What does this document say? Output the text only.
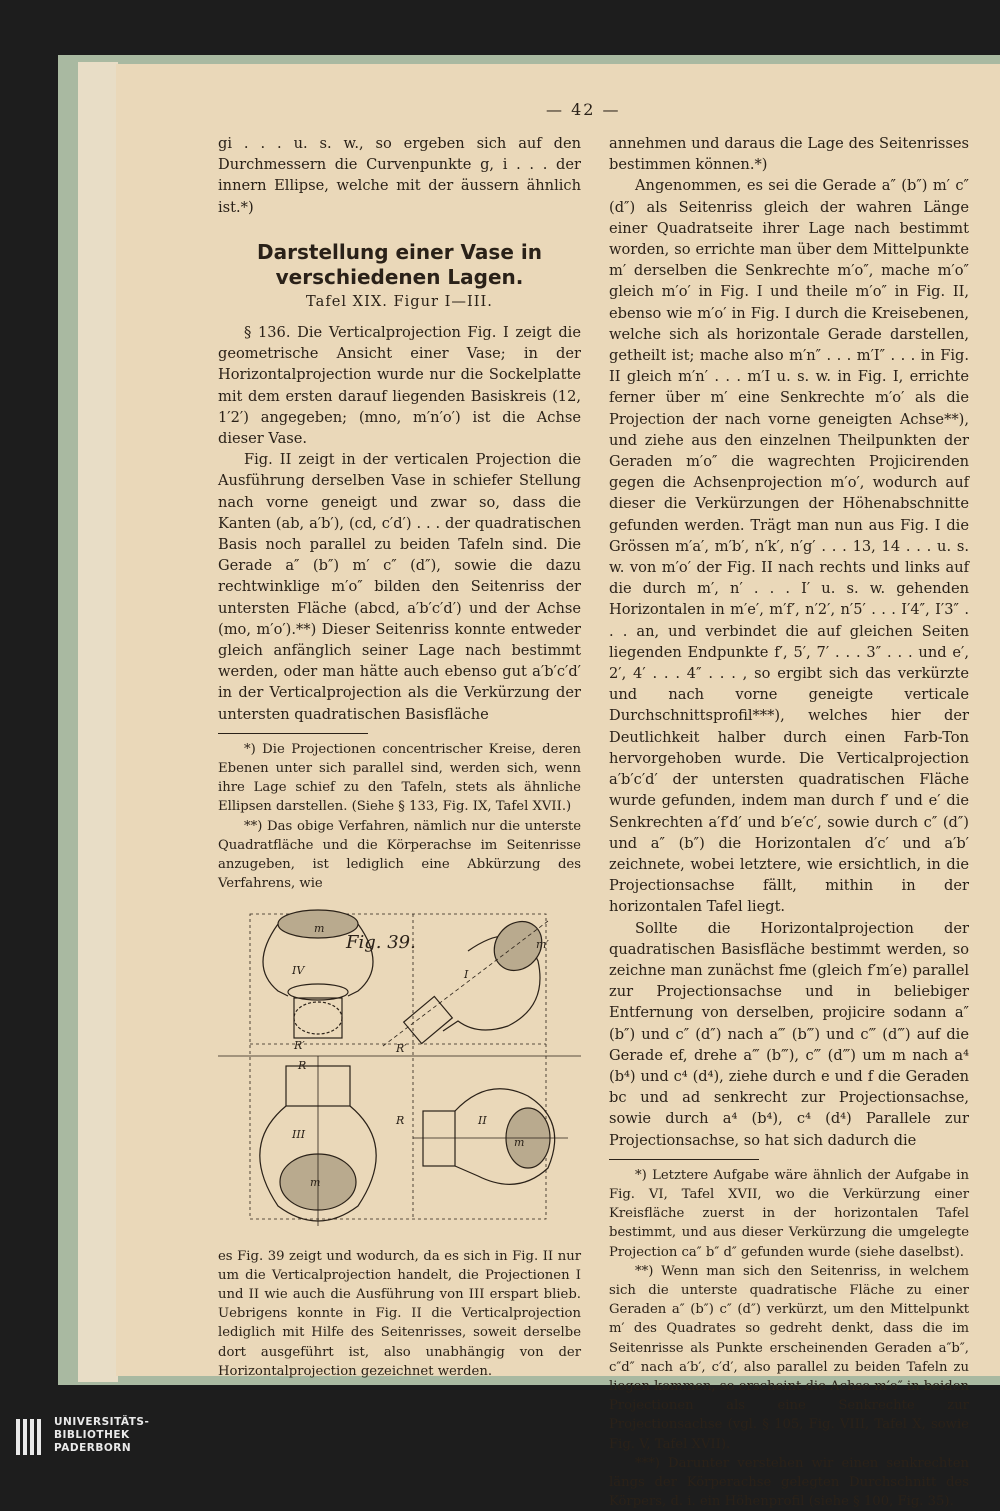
— 42 —

gi . . . u. s. w., so ergeben sich auf den Durchmessern die Curvenpunkte g, i . . . der innern Ellipse, welche mit der äussern ähnlich ist.*)

Darstellung einer Vase in verschiedenen Lagen.

Tafel XIX. Figur I—III.

§ 136. Die Verticalprojection Fig. I zeigt die geometrische Ansicht einer Vase; in der Horizontalprojection wurde nur die Sockelplatte mit dem ersten darauf liegenden Basiskreis (12, 1′2′) angegeben; (mno, m′n′o′) ist die Achse dieser Vase.

Fig. II zeigt in der verticalen Projection die Ausführung derselben Vase in schiefer Stellung nach vorne geneigt und zwar so, dass die Kanten (ab, a′b′), (cd, c′d′) . . . der quadratischen Basis noch parallel zu beiden Tafeln sind. Die Gerade a″ (b″) m′ c″ (d″), sowie die dazu rechtwinklige m′o″ bilden den Seitenriss der untersten Fläche (abcd, a′b′c′d′) und der Achse (mo, m′o′).**) Dieser Seitenriss konnte entweder gleich anfänglich seiner Lage nach bestimmt werden, oder man hätte auch ebenso gut a′b′c′d′ in der Verticalprojection als die Verkürzung der untersten quadratischen Basisfläche

*) Die Projectionen concentrischer Kreise, deren Ebenen unter sich parallel sind, werden sich, wenn ihre Lage schief zu den Tafeln, stets als ähnliche Ellipsen darstellen. (Siehe § 133, Fig. IX, Tafel XVII.)

**) Das obige Verfahren, nämlich nur die unterste Quadratfläche und die Körperachse im Seitenrisse anzugeben, ist lediglich eine Abkürzung des Verfahrens, wie

Fig. 39.
m
IV
R′
R
III
m
I
m′
R′
R	II
m

es Fig. 39 zeigt und wodurch, da es sich in Fig. II nur um die Verticalprojection handelt, die Projectionen I und II wie auch die Ausführung von III erspart blieb. Uebrigens konnte in Fig. II die Verticalprojection lediglich mit Hilfe des Seitenrisses, soweit derselbe dort ausgeführt ist, also unabhängig von der Horizontalprojection gezeichnet werden.

annehmen und daraus die Lage des Seitenrisses bestimmen können.*)

Angenommen, es sei die Gerade a″ (b″) m′ c″ (d″) als Seitenriss gleich der wahren Länge einer Quadratseite ihrer Lage nach bestimmt worden, so errichte man über dem Mittelpunkte m′ derselben die Senkrechte m′o″, mache m′o″ gleich m′o′ in Fig. I und theile m′o″ in Fig. II, ebenso wie m′o′ in Fig. I durch die Kreisebenen, welche sich als horizontale Gerade darstellen, getheilt ist; mache also m′n″ . . . m′I″ . . . in Fig. II gleich m′n′ . . . m′I u. s. w. in Fig. I, errichte ferner über m′ eine Senkrechte m′o′ als die Projection der nach vorne geneigten Achse**), und ziehe aus den einzelnen Theilpunkten der Geraden m′o″ die wagrechten Projicirenden gegen die Achsenprojection m′o′, wodurch auf dieser die Verkürzungen der Höhenabschnitte gefunden werden. Trägt man nun aus Fig. I die Grössen m′a′, m′b′, n′k′, n′g′ . . . 13, 14 . . . u. s. w. von m′o′ der Fig. II nach rechts und links auf die durch m′, n′ . . . I′ u. s. w. gehenden Horizontalen in m′e′, m′f′, n′2′, n′5′ . . . I′4″, I′3″ . . . an, und verbindet die auf gleichen Seiten liegenden Endpunkte f′, 5′, 7′ . . . 3″ . . . und e′, 2′, 4′ . . . 4″ . . . , so ergibt sich das verkürzte und nach vorne geneigte verticale Durchschnittsprofil***), welches hier der Deutlichkeit halber durch einen Farb-Ton hervorgehoben wurde. Die Verticalprojection a′b′c′d′ der untersten quadratischen Fläche wurde gefunden, indem man durch f′ und e′ die Senkrechten a′f′d′ und b′e′c′, sowie durch c″ (d″) und a″ (b″) die Horizontalen d′c′ und a′b′ zeichnete, wobei letztere, wie ersichtlich, in die Projectionsachse fällt, mithin in der horizontalen Tafel liegt.

Sollte die Horizontalprojection der quadratischen Basisfläche bestimmt werden, so zeichne man zunächst fme (gleich f′m′e) parallel zur Projectionsachse und in beliebiger Entfernung von derselben, projicire sodann a″ (b″) und c″ (d″) nach a‴ (b‴) und c‴ (d‴) auf die Gerade ef, drehe a‴ (b‴), c‴ (d‴) um m nach a⁴ (b⁴) und c⁴ (d⁴), ziehe durch e und f die Geraden bc und ad senkrecht zur Projectionsachse, sowie durch a⁴ (b⁴), c⁴ (d⁴) Parallele zur Projectionsachse, so hat sich dadurch die

*) Letztere Aufgabe wäre ähnlich der Aufgabe in Fig. VI, Tafel XVII, wo die Verkürzung einer Kreisfläche zuerst in der horizontalen Tafel bestimmt, und aus dieser Verkürzung die umgelegte Projection ca″ b″ d″ gefunden wurde (siehe daselbst).

**) Wenn man sich den Seitenriss, in welchem sich die unterste quadratische Fläche zu einer Geraden a″ (b″) c″ (d″) verkürzt, um den Mittelpunkt m′ des Quadrates so gedreht denkt, dass die im Seitenrisse als Punkte erscheinenden Geraden a″b″, c″d″ nach a′b′, c′d′, also parallel zu beiden Tafeln zu liegen kommen, so erscheint die Achse m′o″ in beiden Projectionen als eine Senkrechte zur Projectionsachse (vgl. § 105, Fig. VIII, Tafel X, sowie Fig. V, Tafel XVII).

***) Darunter verstehen wir einen senkrechten längs der Körperachse gelegten Durchschnitt des Körpers, d. i. ein Höhenprofil (siehe § 100, Fig. 35).

UNIVERSITÄTS-
BIBLIOTHEK
PADERBORN
